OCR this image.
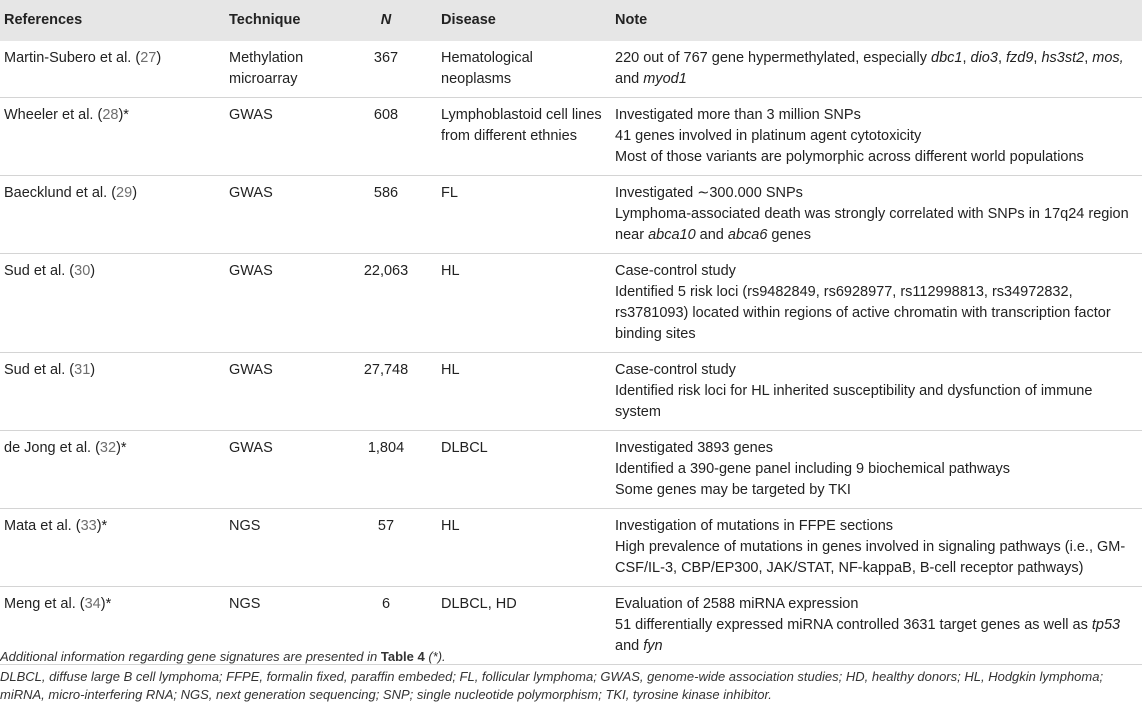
References	Technique	N	Disease	Note
Martin-Subero et al. (27)	Methylation microarray	367	Hematological neoplasms	220 out of 767 gene hypermethylated, especially dbc1, dio3, fzd9, hs3st2, mos, and myod1
Wheeler et al. (28)*	GWAS	608	Lymphoblastoid cell lines from different ethnies	Investigated more than 3 million SNPs
41 genes involved in platinum agent cytotoxicity
Most of those variants are polymorphic across different world populations

Baecklund et al. (29)	GWAS	586	FL	Investigated ∼300.000 SNPs
Lymphoma-associated death was strongly correlated with SNPs in 17q24 region near abca10 and abca6 genes

Sud et al. (30)	GWAS	22,063	HL	Case-control study
Identified 5 risk loci (rs9482849, rs6928977, rs112998813, rs34972832, rs3781093) located within regions of active chromatin with transcription factor binding sites

Sud et al. (31)	GWAS	27,748	HL	Case-control study
Identified risk loci for HL inherited susceptibility and dysfunction of immune system

de Jong et al. (32)*	GWAS	1,804	DLBCL	Investigated 3893 genes
Identified a 390-gene panel including 9 biochemical pathways
Some genes may be targeted by TKI

Mata et al. (33)*	NGS	57	HL	Investigation of mutations in FFPE sections
High prevalence of mutations in genes involved in signaling pathways (i.e., GM-CSF/IL-3, CBP/EP300, JAK/STAT, NF-kappaB, B-cell receptor pathways)

Meng et al. (34)*	NGS	6	DLBCL, HD	Evaluation of 2588 miRNA expression
51 differentially expressed miRNA controlled 3631 target genes as well as tp53 and fyn
Additional information regarding gene signatures are presented in Table 4 (*).
DLBCL, diffuse large B cell lymphoma; FFPE, formalin fixed, paraffin embeded; FL, follicular lymphoma; GWAS, genome-wide association studies; HD, healthy donors; HL, Hodgkin lymphoma; miRNA, micro-interfering RNA; NGS, next generation sequencing; SNP; single nucleotide polymorphism; TKI, tyrosine kinase inhibitor.
